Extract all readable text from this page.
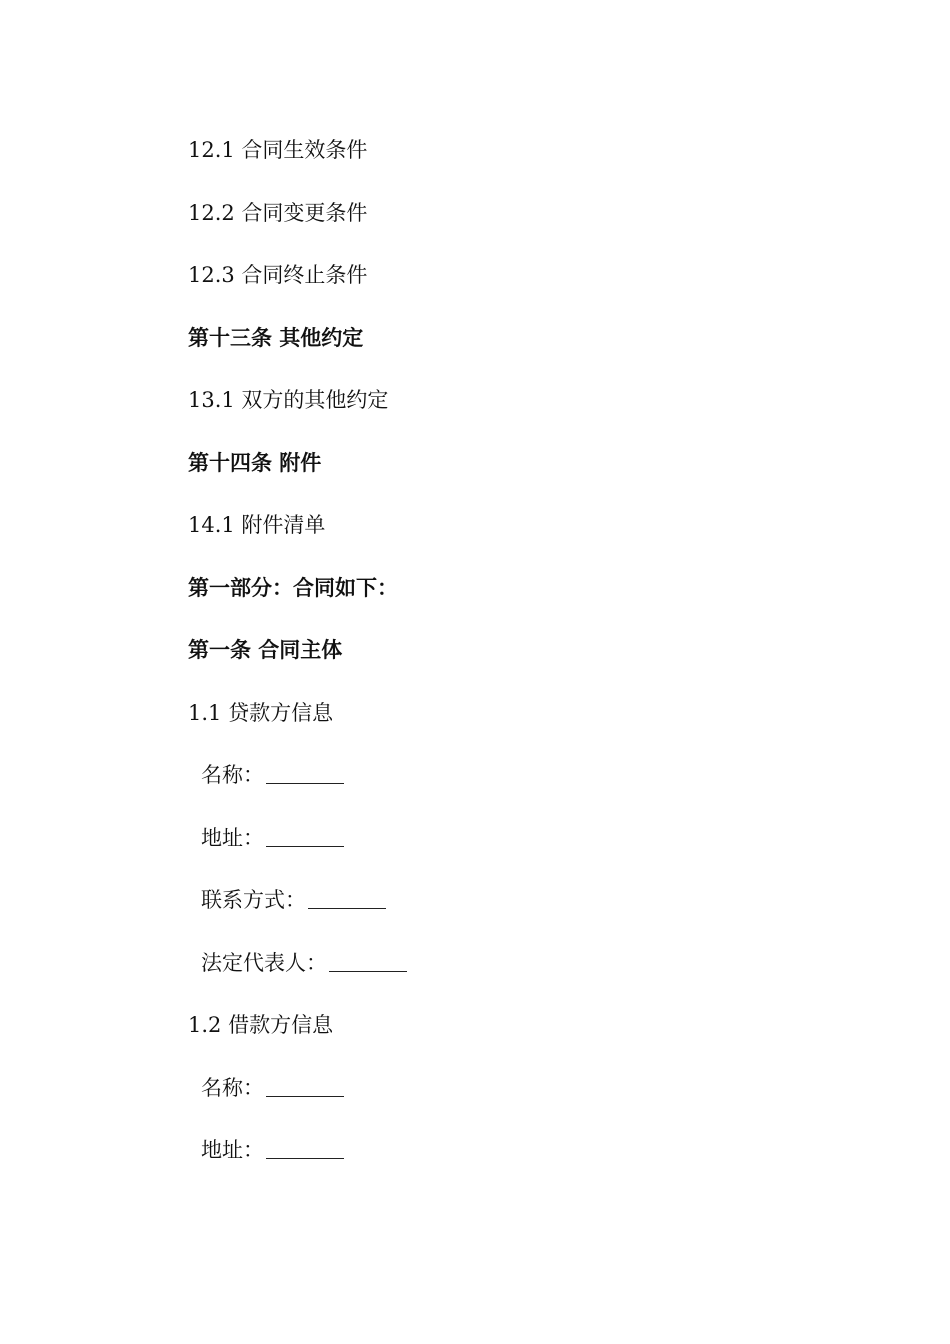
12.1 合同生效条件
12.2 合同变更条件
12.3 合同终止条件
第十三条 其他约定
13.1 双方的其他约定
第十四条 附件
14.1 附件清单
第一部分：合同如下：
第一条 合同主体
1.1 贷款方信息
名称：
地址：
联系方式：
法定代表人：
1.2 借款方信息
名称：
地址：
